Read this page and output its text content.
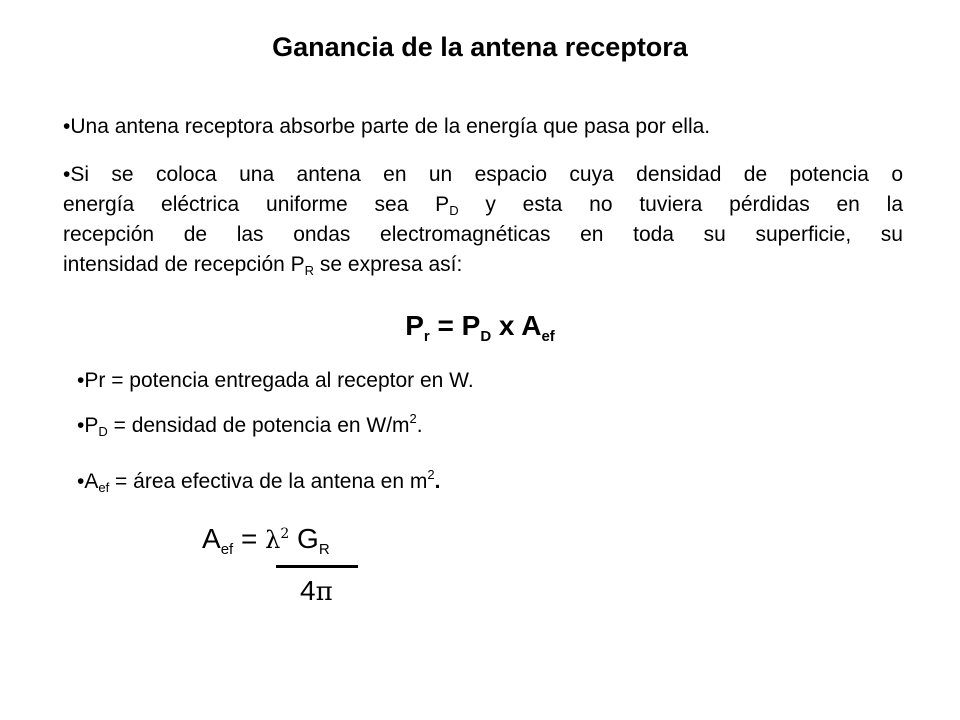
Ganancia de la antena receptora
•Una antena receptora absorbe parte de la energía que pasa por ella.
•Si se coloca una antena en un espacio cuya densidad de potencia o
energía eléctrica uniforme sea $P_D$ y esta no tuviera pérdidas en la
recepción de las ondas electromagnéticas en toda su superficie, su
intensidad de recepción $P_R$ se expresa así:
$P_r = P_D$ x $A_{ef}$
•Pr = potencia entregada al receptor en W.
$•P_D$ = densidad de potencia en $W/m^2$.
$•A_{ef}$ = área efectiva de la antena en $m^2$.
$A_{ef} = \lambda^2$ $G_R$
4π
